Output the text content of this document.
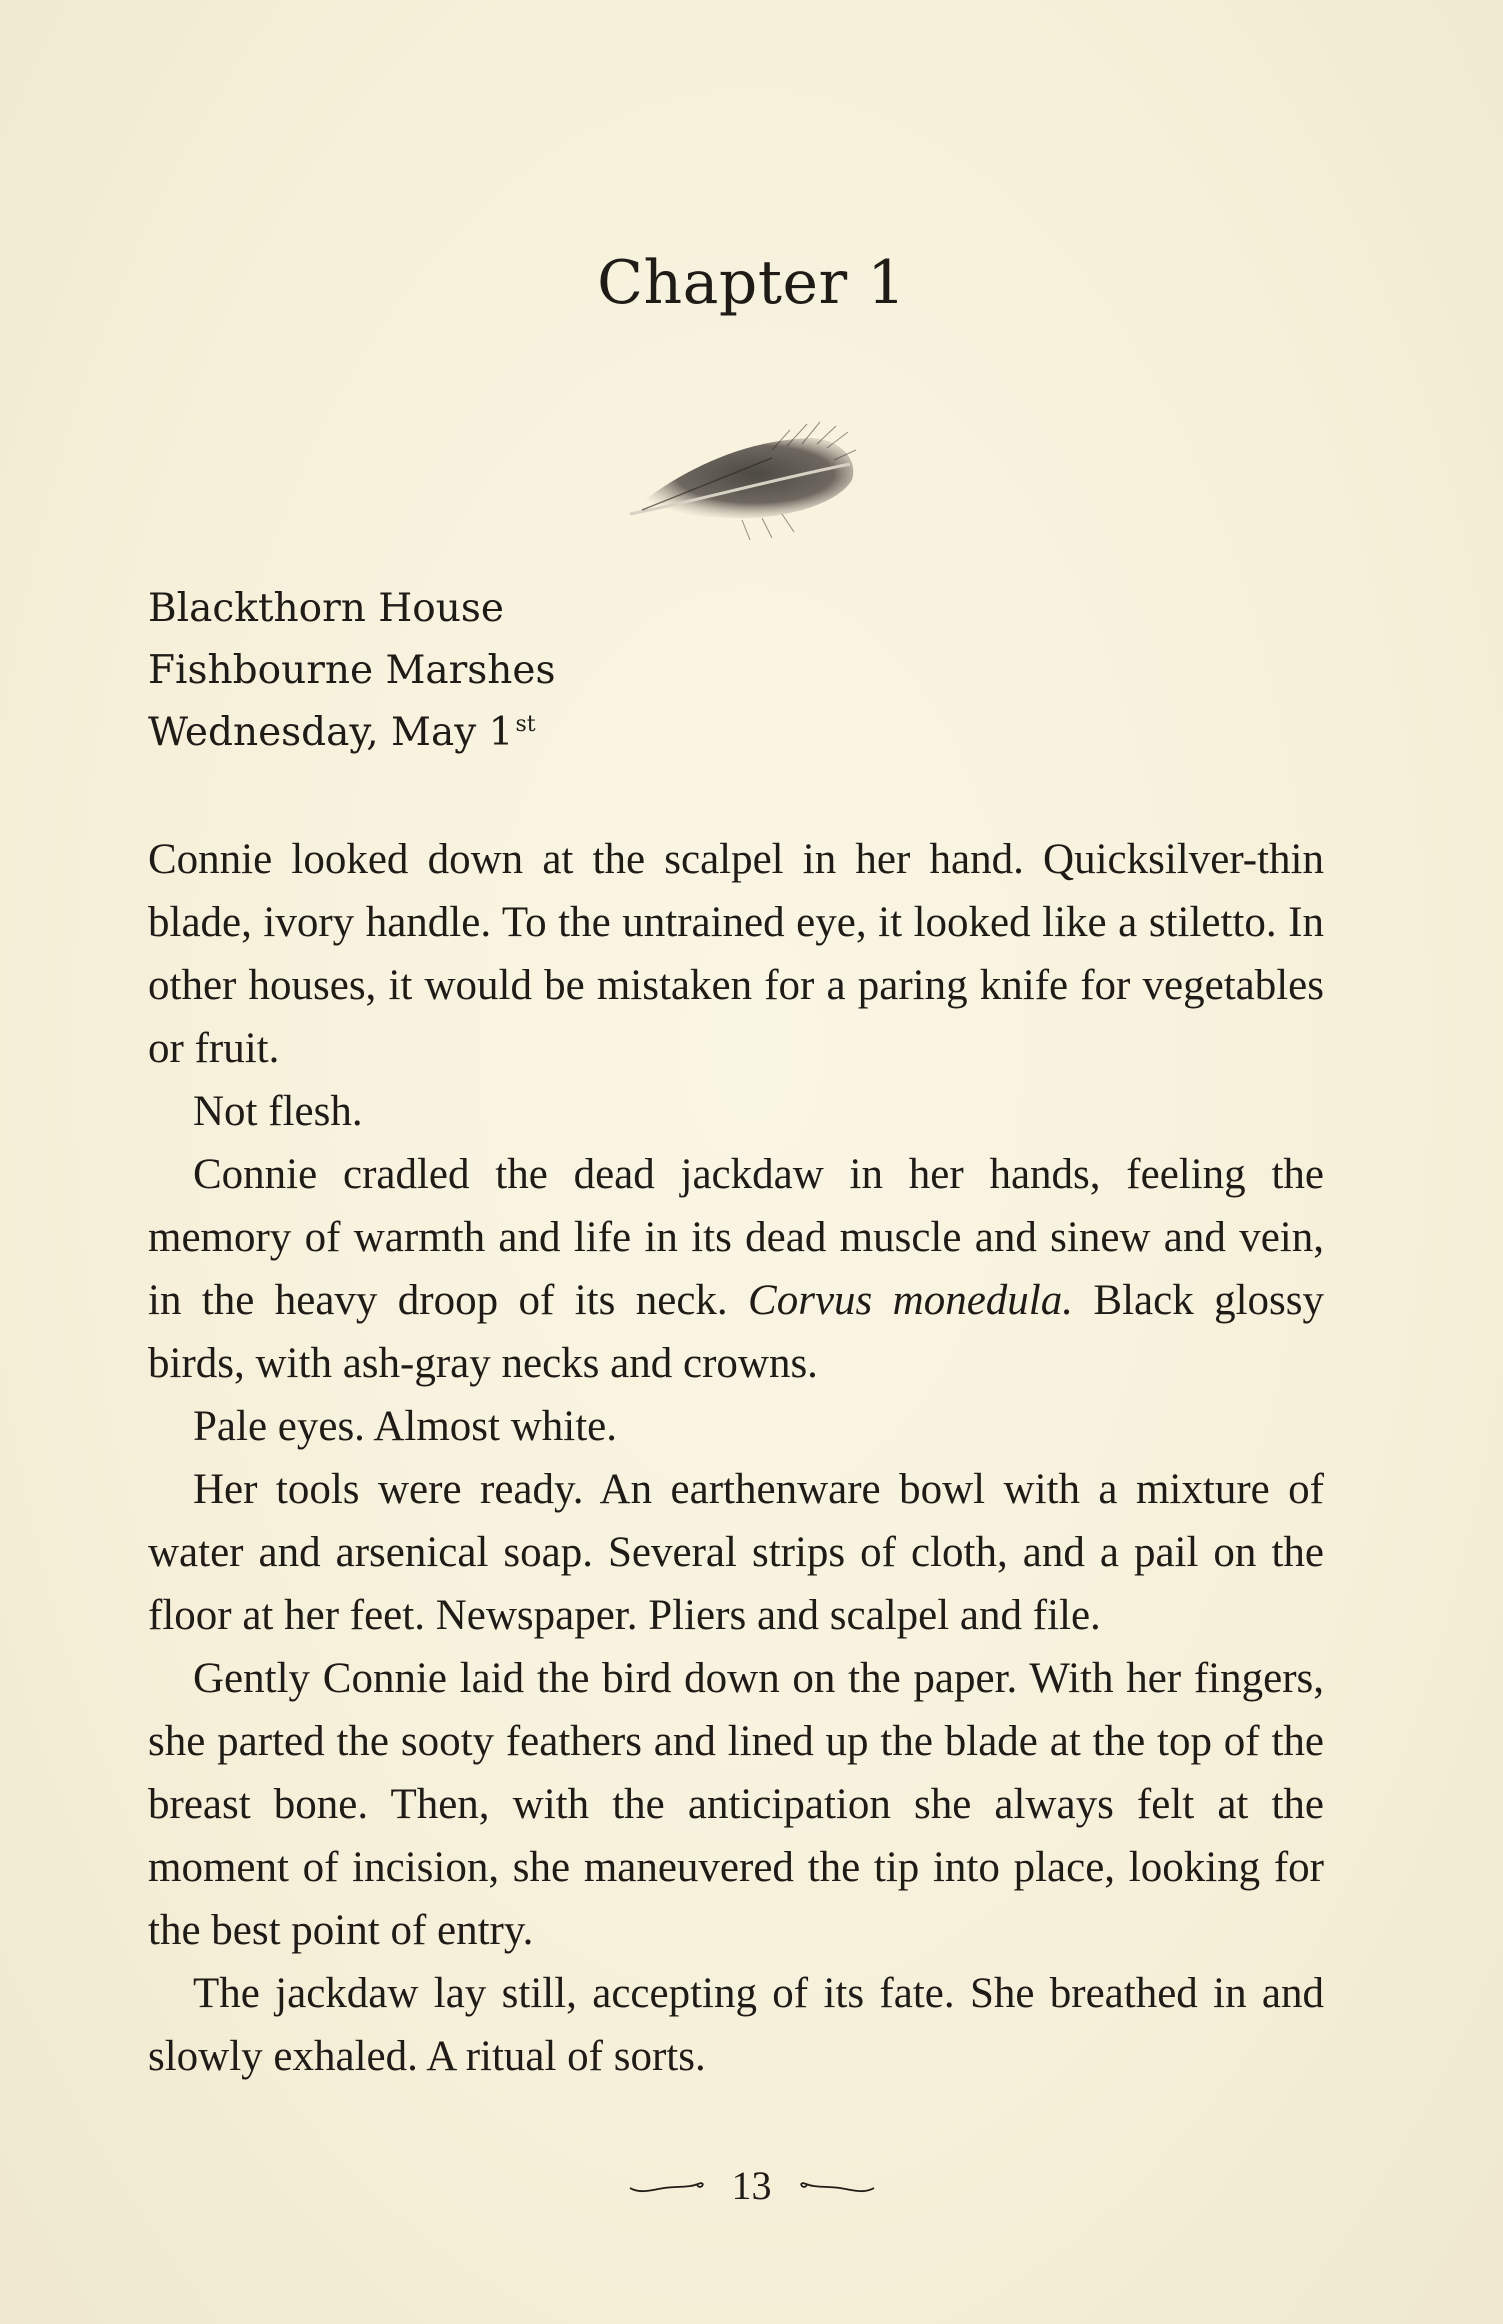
Chapter 1
Blackthorn House
Fishbourne Marshes
Wednesday, May 1st

Connie looked down at the scalpel in her hand. Quicksilver-thin blade, ivory handle. To the untrained eye, it looked like a stiletto. In other houses, it would be mistaken for a paring knife for vegetables or fruit.

Not flesh.

Connie cradled the dead jackdaw in her hands, feeling the memory of warmth and life in its dead muscle and sinew and vein, in the heavy droop of its neck. Corvus monedula. Black glossy birds, with ash-gray necks and crowns.

Pale eyes. Almost white.

Her tools were ready. An earthenware bowl with a mixture of water and arsenical soap. Several strips of cloth, and a pail on the floor at her feet. Newspaper. Pliers and scalpel and file.

Gently Connie laid the bird down on the paper. With her fingers, she parted the sooty feathers and lined up the blade at the top of the breast bone. Then, with the anticipation she always felt at the moment of incision, she maneuvered the tip into place, looking for the best point of entry.

The jackdaw lay still, accepting of its fate. She breathed in and slowly exhaled. A ritual of sorts.

13
